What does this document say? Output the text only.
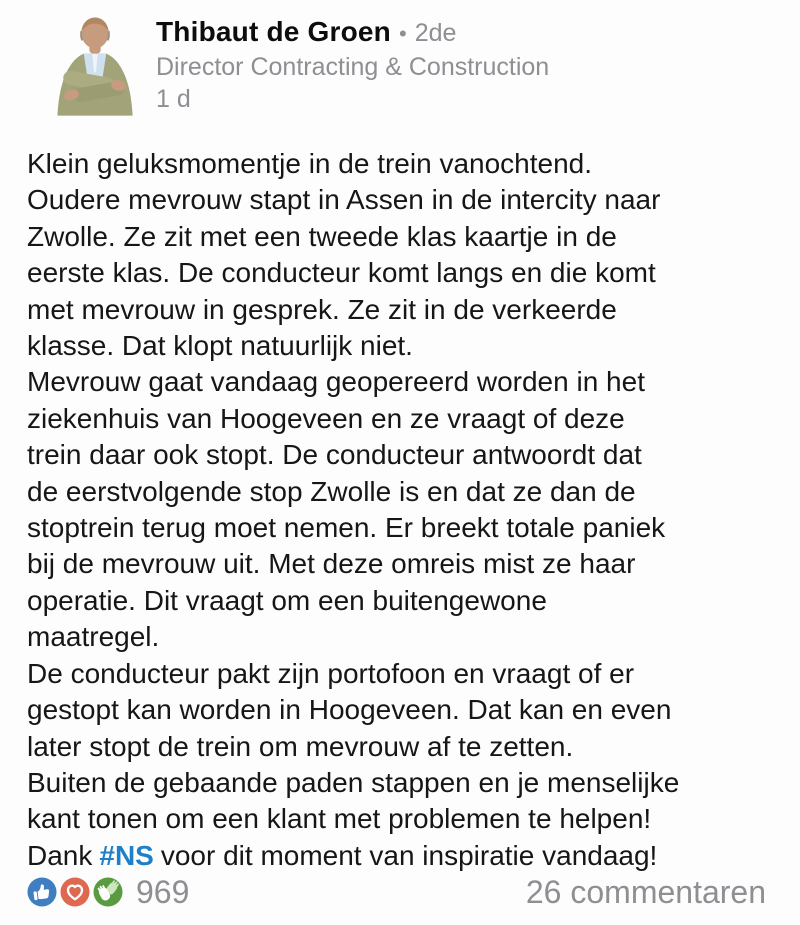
Thibaut de Groen • 2de
Director Contracting & Construction
1 d
Klein geluksmomentje in de trein vanochtend.
Oudere mevrouw stapt in Assen in de intercity naar
Zwolle. Ze zit met een tweede klas kaartje in de
eerste klas. De conducteur komt langs en die komt
met mevrouw in gesprek. Ze zit in de verkeerde
klasse. Dat klopt natuurlijk niet.
Mevrouw gaat vandaag geopereerd worden in het
ziekenhuis van Hoogeveen en ze vraagt of deze
trein daar ook stopt. De conducteur antwoordt dat
de eerstvolgende stop Zwolle is en dat ze dan de
stoptrein terug moet nemen. Er breekt totale paniek
bij de mevrouw uit. Met deze omreis mist ze haar
operatie. Dit vraagt om een buitengewone
maatregel.
De conducteur pakt zijn portofoon en vraagt of er
gestopt kan worden in Hoogeveen. Dat kan en even
later stopt de trein om mevrouw af te zetten.
Buiten de gebaande paden stappen en je menselijke
kant tonen om een klant met problemen te helpen!
Dank #NS voor dit moment van inspiratie vandaag!
969	26 commentaren
